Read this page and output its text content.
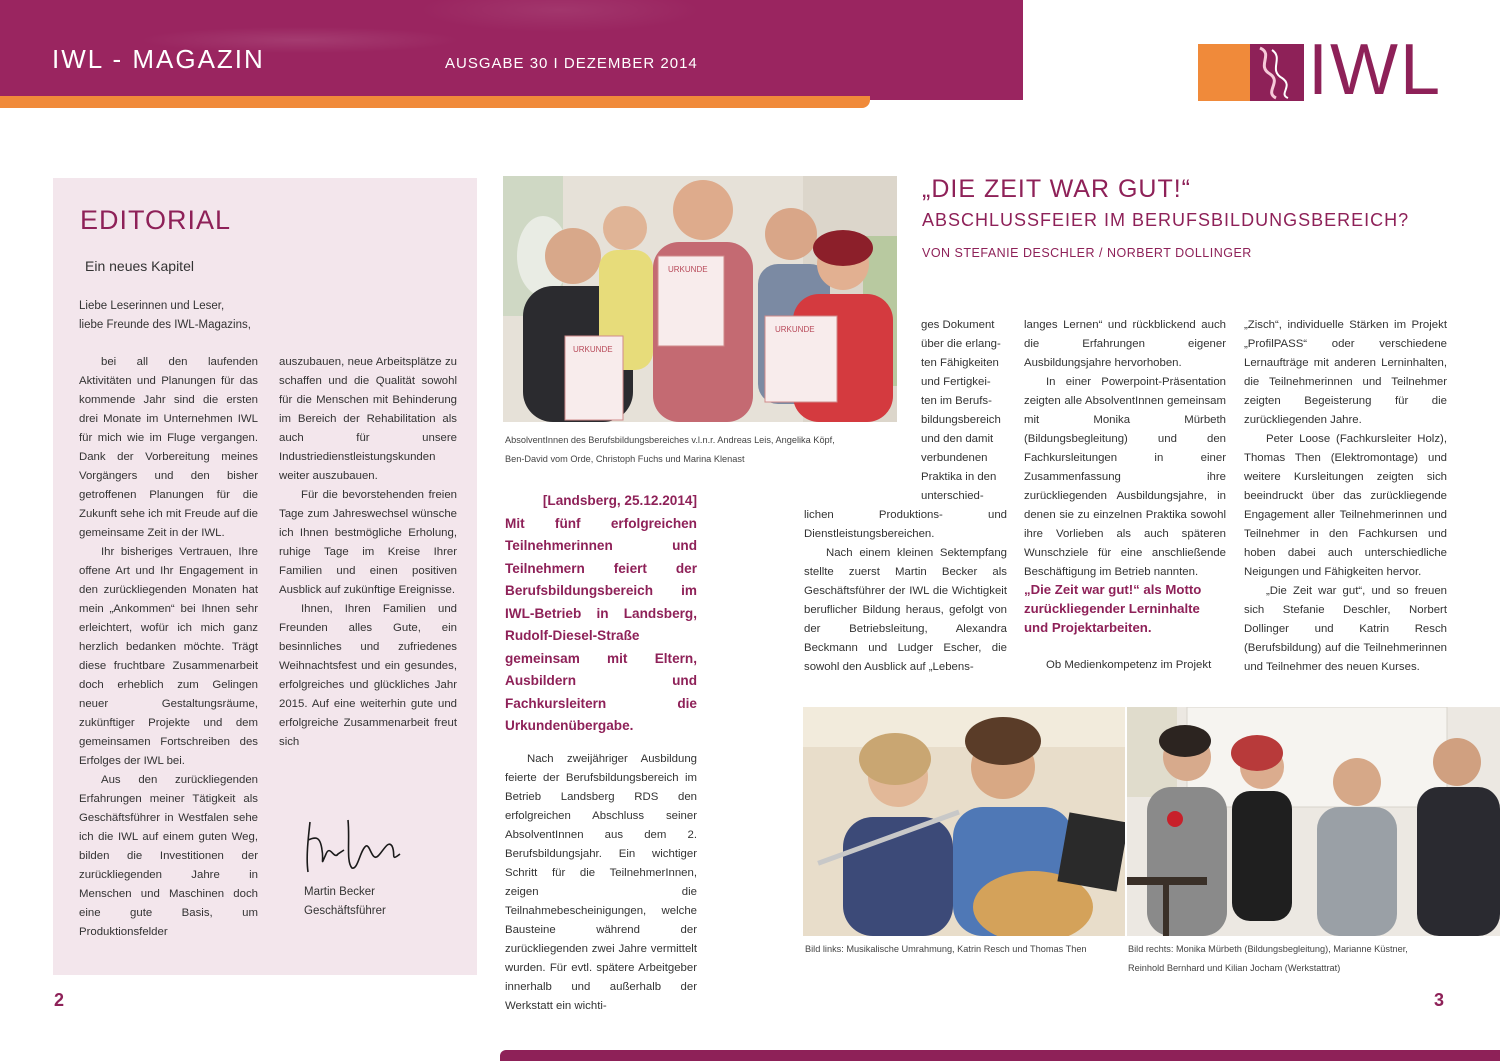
IWL - MAGAZIN	AUSGABE 30 I DEZEMBER 2014	IWL
EDITORIAL
Ein neues Kapitel
Liebe Leserinnen und Leser,
liebe Freunde des IWL-Magazins,

bei all den laufenden Aktivitäten und Planungen für das kommende Jahr sind die ersten drei Monate im Unternehmen IWL für mich wie im Fluge vergangen. Dank der Vorbereitung meines Vorgängers und den bisher getroffenen Planungen für die Zukunft sehe ich mit Freude auf die gemeinsame Zeit in der IWL.

Ihr bisheriges Vertrauen, Ihre offene Art und Ihr Engagement in den zurückliegenden Monaten hat mein „Ankommen“ bei Ihnen sehr erleichtert, wofür ich mich ganz herzlich bedanken möchte. Trägt diese fruchtbare Zusammenarbeit doch erheblich zum Gelingen neuer Gestaltungsräume, zukünftiger Projekte und dem gemeinsamen Fortschreiben des Erfolges der IWL bei.

Aus den zurückliegenden Erfahrungen meiner Tätigkeit als Geschäftsführer in Westfalen sehe ich die IWL auf einem guten Weg, bilden die Investitionen der zurückliegenden Jahre in Menschen und Maschinen doch eine gute Basis, um Produktionsfelder

auszubauen, neue Arbeitsplätze zu schaffen und die Qualität sowohl für die Menschen mit Behinderung im Bereich der Rehabilitation als auch für unsere Industriedienstleistungskunden weiter auszubauen.

Für die bevorstehenden freien Tage zum Jahreswechsel wünsche ich Ihnen bestmögliche Erholung, ruhige Tage im Kreise Ihrer Familien und einen positiven Ausblick auf zukünftige Ereignisse.

Ihnen, Ihren Familien und Freunden alles Gute, ein besinnliches und zufriedenes Weihnachtsfest und ein gesundes, erfolgreiches und glückliches Jahr 2015. Auf eine weiterhin gute und erfolgreiche Zusammenarbeit freut sich

Martin Becker
Geschäftsführer
URKUNDE
URKUNDE
URKUNDE
AbsolventInnen des Berufsbildungsbereiches v.l.n.r. Andreas Leis, Angelika Köpf,
Ben-David vom Orde, Christoph Fuchs und Marina Klenast
„DIE ZEIT WAR GUT!“
ABSCHLUSSFEIER IM BERUFSBILDUNGSBEREICH?
VON STEFANIE DESCHLER / NORBERT DOLLINGER
[Landsberg, 25.12.2014]
Mit fünf erfolgreichen Teilnehmerinnen und Teilnehmern feiert der Berufsbildungsbereich im IWL-Betrieb in Landsberg, Rudolf-Diesel-Straße gemeinsam mit Eltern, Ausbildern und Fachkursleitern die Urkundenübergabe.

Nach zweijähriger Ausbildung feierte der Berufsbildungsbereich im Betrieb Landsberg RDS den erfolgreichen Abschluss seiner AbsolventInnen aus dem 2. Berufsbildungsjahr. Ein wichtiger Schritt für die TeilnehmerInnen, zeigen die Teilnahmebescheinigungen, welche Bausteine während der zurückliegenden zwei Jahre vermittelt wurden. Für evtl. spätere Arbeitgeber innerhalb und außerhalb der Werkstatt ein wichti-

ges Dokument
über die erlang-
ten Fähigkeiten
und Fertigkei-
ten im Berufs-
bildungsbereich
und den damit
verbundenen
Praktika in den
unterschied-

lichen Produktions- und Dienstleistungsbereichen.

Nach einem kleinen Sektempfang stellte zuerst Martin Becker als Geschäftsführer der IWL die Wichtigkeit beruflicher Bildung heraus, gefolgt von der Betriebsleitung, Alexandra Beckmann und Ludger Escher, die sowohl den Ausblick auf „Lebens-

langes Lernen“ und rückblickend auch die Erfahrungen eigener Ausbildungsjahre hervorhoben.

In einer Powerpoint-Präsentation zeigten alle AbsolventInnen gemeinsam mit Monika Mürbeth (Bildungsbegleitung) und den Fachkursleitungen in einer Zusammenfassung ihre zurückliegenden Ausbildungsjahre, in denen sie zu einzelnen Praktika sowohl ihre Vorlieben als auch späteren Wunschziele für eine anschließende Beschäftigung im Betrieb nannten.

„Die Zeit war gut!“ als Motto zurückliegender Lerninhalte und Projektarbeiten.

Ob Medienkompetenz im Projekt

„Zisch“, individuelle Stärken im Projekt „ProfilPASS“ oder verschiedene Lernaufträge mit anderen Lerninhalten, die Teilnehmerinnen und Teilnehmer zeigten Begeisterung für die zurückliegenden Jahre.

Peter Loose (Fachkursleiter Holz), Thomas Then (Elektromontage) und weitere Kursleitungen zeigten sich beeindruckt über das zurückliegende Engagement aller Teilnehmerinnen und Teilnehmer in den Fachkursen und hoben dabei auch unterschiedliche Neigungen und Fähigkeiten hervor.

„Die Zeit war gut“, und so freuen sich Stefanie Deschler, Norbert Dollinger und Katrin Resch (Berufsbildung) auf die Teilnehmerinnen und Teilnehmer des neuen Kurses.

Bild links: Musikalische Umrahmung, Katrin Resch und Thomas Then	Bild rechts: Monika Mürbeth (Bildungsbegleitung), Marianne Küstner,
Reinhold Bernhard und Kilian Jocham (Werkstattrat)
2	3
